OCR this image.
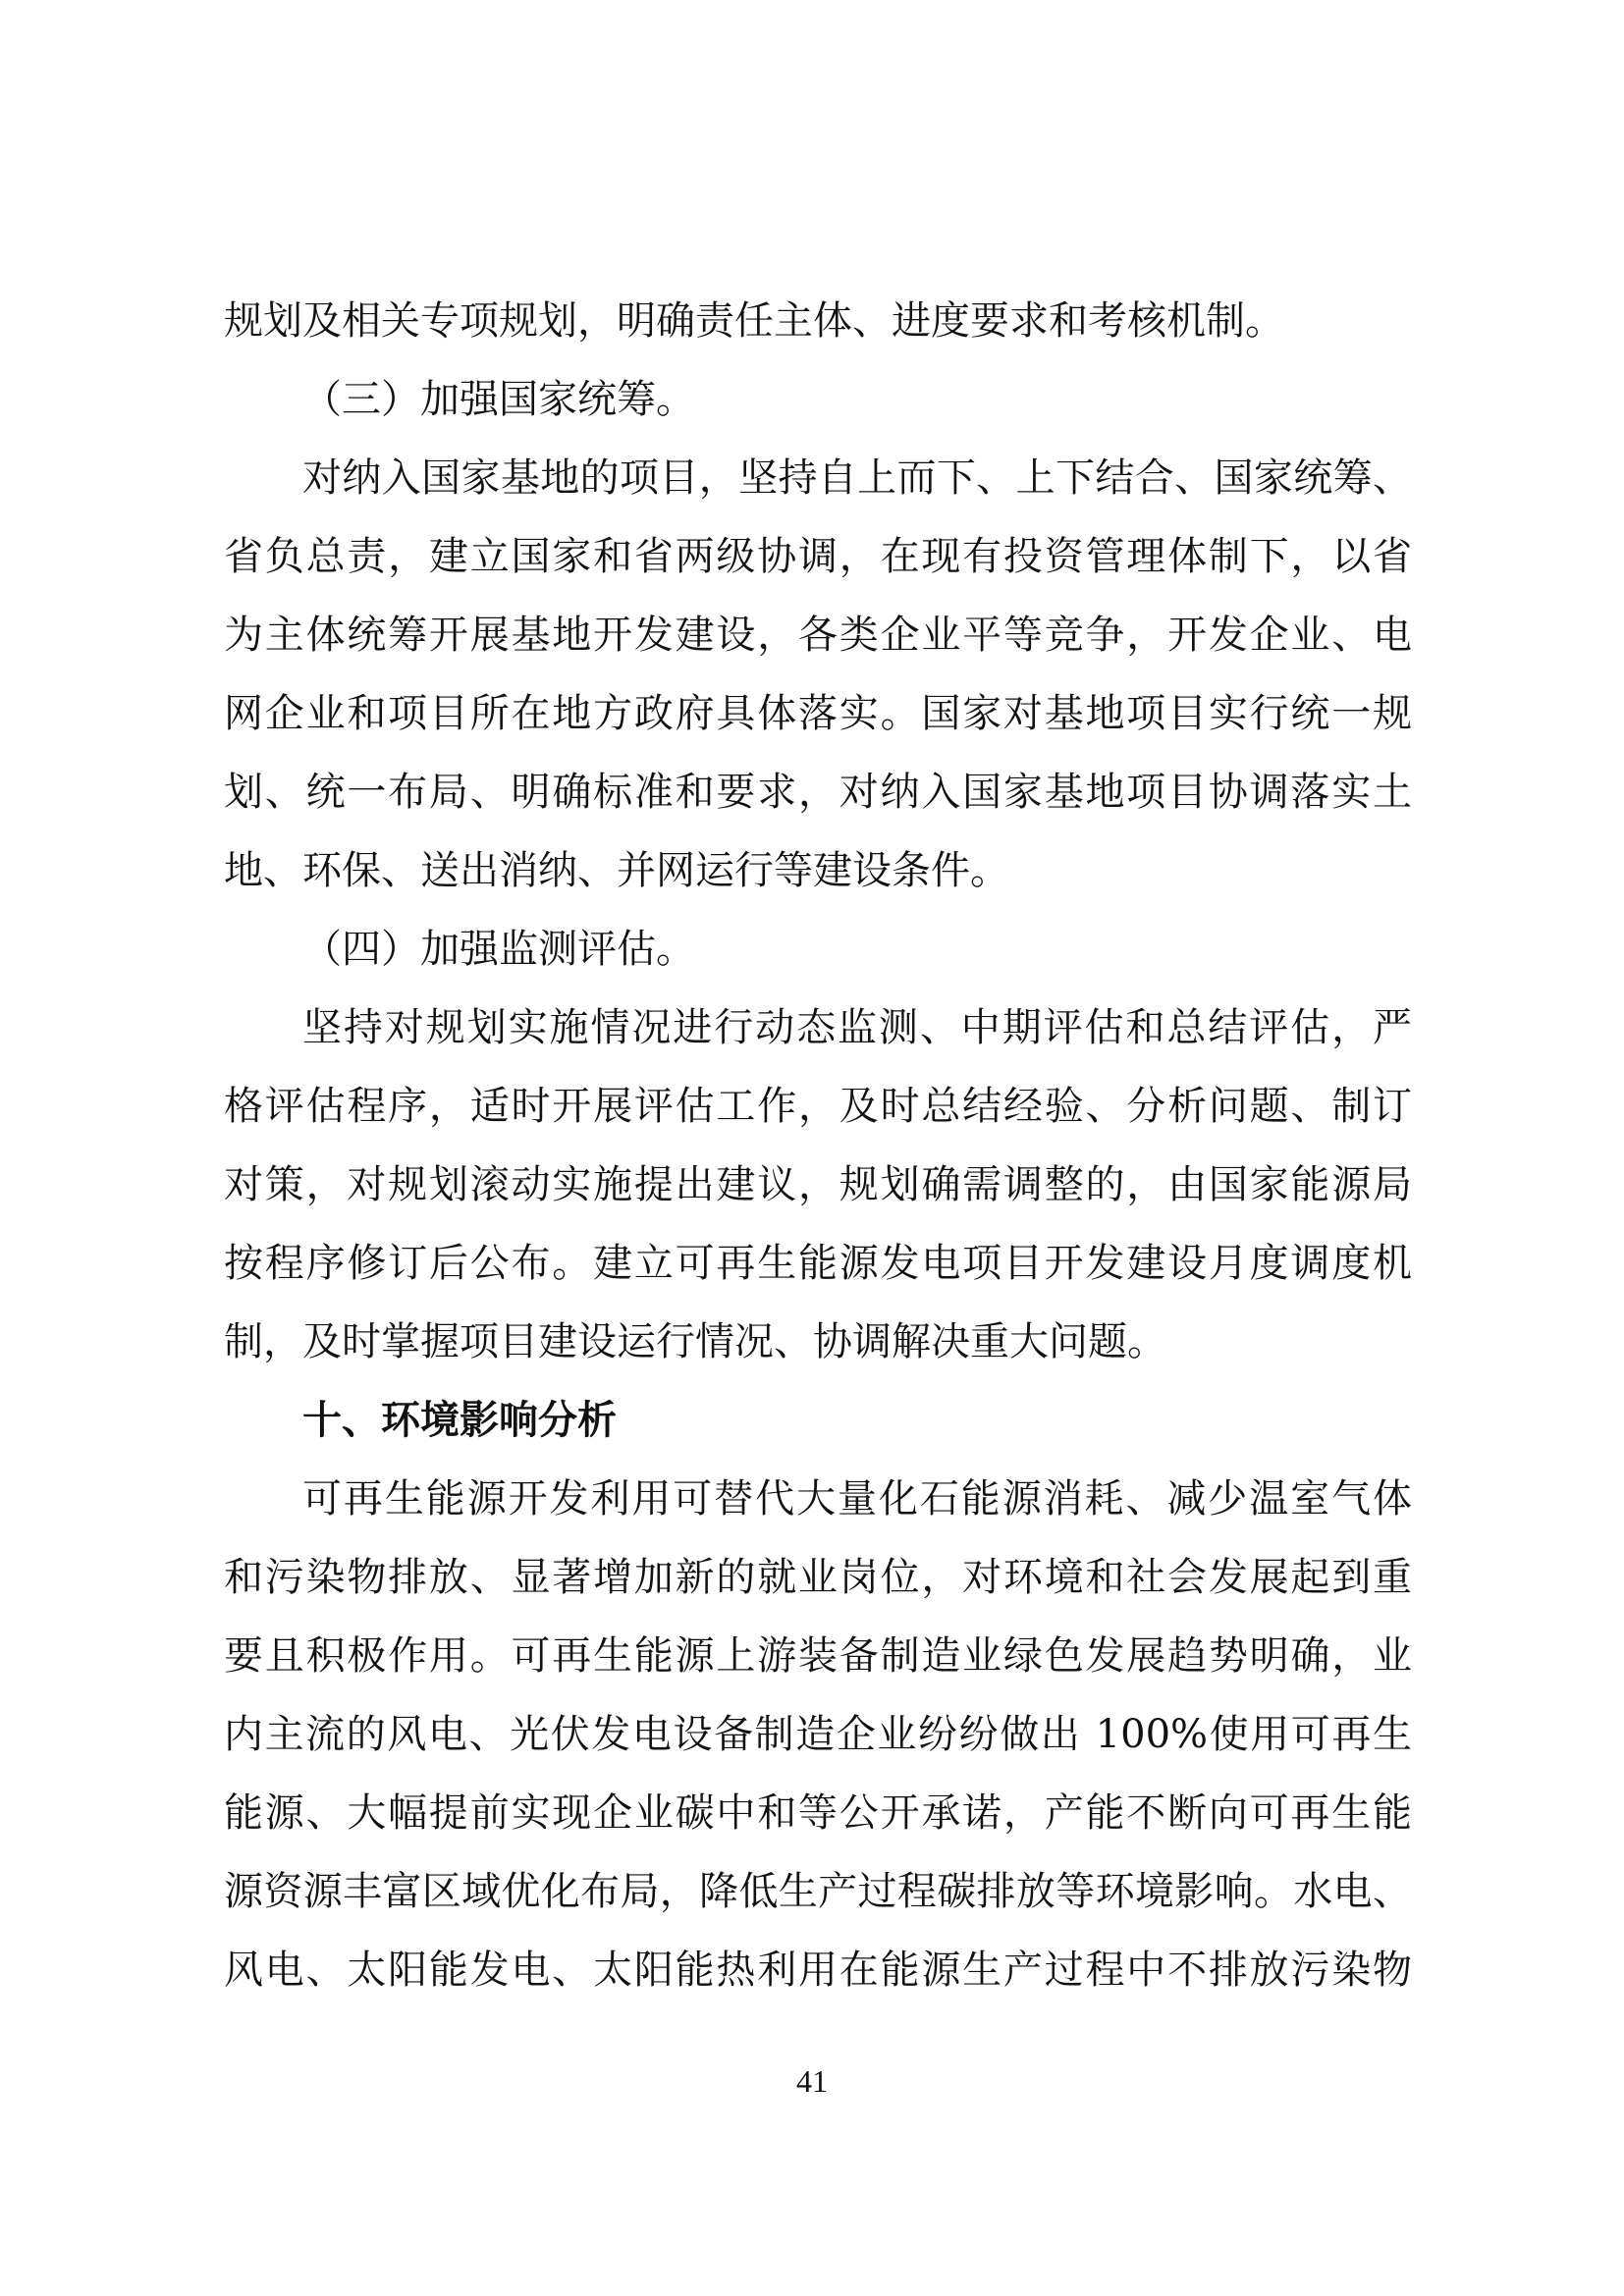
规划及相关专项规划，明确责任主体、进度要求和考核机制。
（三）加强国家统筹。
对纳入国家基地的项目，坚持自上而下、上下结合、国家统筹、
省负总责，建立国家和省两级协调，在现有投资管理体制下，以省
为主体统筹开展基地开发建设，各类企业平等竞争，开发企业、电
网企业和项目所在地方政府具体落实。国家对基地项目实行统一规
划、统一布局、明确标准和要求，对纳入国家基地项目协调落实土
地、环保、送出消纳、并网运行等建设条件。
（四）加强监测评估。
坚持对规划实施情况进行动态监测、中期评估和总结评估，严
格评估程序，适时开展评估工作，及时总结经验、分析问题、制订
对策，对规划滚动实施提出建议，规划确需调整的，由国家能源局
按程序修订后公布。建立可再生能源发电项目开发建设月度调度机
制，及时掌握项目建设运行情况、协调解决重大问题。
十、环境影响分析
可再生能源开发利用可替代大量化石能源消耗、减少温室气体
和污染物排放、显著增加新的就业岗位，对环境和社会发展起到重
要且积极作用。可再生能源上游装备制造业绿色发展趋势明确，业
内主流的风电、光伏发电设备制造企业纷纷做出 100%使用可再生
能源、大幅提前实现企业碳中和等公开承诺，产能不断向可再生能
源资源丰富区域优化布局，降低生产过程碳排放等环境影响。水电、
风电、太阳能发电、太阳能热利用在能源生产过程中不排放污染物
41
